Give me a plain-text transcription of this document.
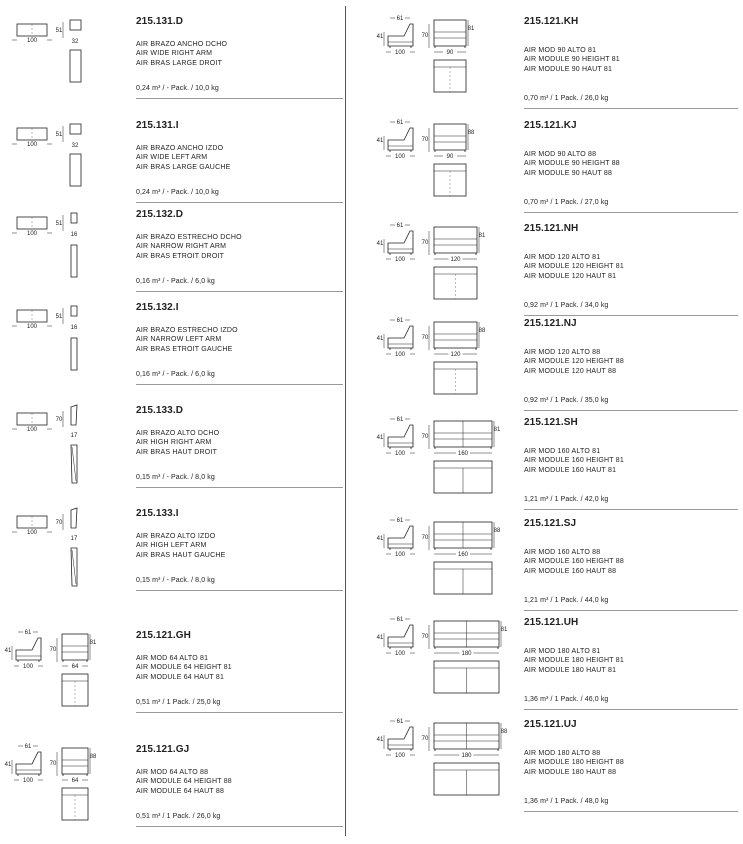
100
51
32
215.131.D
AIR BRAZO ANCHO DCHO
AIR WIDE RIGHT ARM
AIR BRAS LARGE DROIT
0,24 m³ / - Pack. / 10,0 kg
100
51
32
215.131.I
AIR BRAZO ANCHO IZDO
AIR WIDE LEFT ARM
AIR BRAS LARGE GAUCHE
0,24 m³ / - Pack. / 10,0 kg
100
51
16
215.132.D
AIR BRAZO ESTRECHO DCHO
AIR NARROW RIGHT ARM
AIR BRAS ETROIT DROIT
0,16 m³ / - Pack. / 6,0 kg
100
51
16
215.132.I
AIR BRAZO ESTRECHO IZDO
AIR NARROW LEFT ARM
AIR BRAS ETROIT GAUCHE
0,16 m³ / - Pack. / 6,0 kg
100
70
17
215.133.D
AIR BRAZO ALTO DCHO
AIR HIGH RIGHT ARM
AIR BRAS HAUT DROIT
0,15 m³ / - Pack. / 8,0 kg
100
70
17
215.133.I
AIR BRAZO ALTO IZDO
AIR HIGH LEFT ARM
AIR BRAS HAUT GAUCHE
0,15 m³ / - Pack. / 8,0 kg
61
41
100
70
81
64
215.121.GH
AIR MOD 64 ALTO 81
AIR MODULE 64 HEIGHT 81
AIR MODULE 64 HAUT 81
0,51 m³ / 1 Pack. / 25,0 kg
61
41
100
70
88
64
215.121.GJ
AIR MOD 64 ALTO 88
AIR MODULE 64 HEIGHT 88
AIR MODULE 64 HAUT 88
0,51 m³ / 1 Pack. / 26,0 kg
61
41
100
70
81
90
215.121.KH
AIR MOD 90 ALTO 81
AIR MODULE 90 HEIGHT 81
AIR MODULE 90 HAUT 81
0,70 m³ / 1 Pack. / 26,0 kg
61
41
100
70
88
90
215.121.KJ
AIR MOD 90 ALTO 88
AIR MODULE 90 HEIGHT 88
AIR MODULE 90 HAUT 88
0,70 m³ / 1 Pack. / 27,0 kg
61
41
100
70
81
120
215.121.NH
AIR MOD 120 ALTO 81
AIR MODULE 120 HEIGHT 81
AIR MODULE 120 HAUT 81
0,92 m³ / 1 Pack. / 34,0 kg
61
41
100
70
88
120
215.121.NJ
AIR MOD 120 ALTO 88
AIR MODULE 120 HEIGHT 88
AIR MODULE 120 HAUT 88
0,92 m³ / 1 Pack. / 35,0 kg
61
41
100
70
81
160
215.121.SH
AIR MOD 160 ALTO 81
AIR MODULE 160 HEIGHT 81
AIR MODULE 160 HAUT 81
1,21 m³ / 1 Pack. / 42,0 kg
61
41
100
70
88
160
215.121.SJ
AIR MOD 160 ALTO 88
AIR MODULE 160 HEIGHT 88
AIR MODULE 160 HAUT 88
1,21 m³ / 1 Pack. / 44,0 kg
61
41
100
70
81
180
215.121.UH
AIR MOD 180 ALTO 81
AIR MODULE 180 HEIGHT 81
AIR MODULE 180 HAUT 81
1,36 m³ / 1 Pack. / 46,0 kg
61
41
100
70
88
180
215.121.UJ
AIR MOD 180 ALTO 88
AIR MODULE 180 HEIGHT 88
AIR MODULE 180 HAUT 88
1,36 m³ / 1 Pack. / 48,0 kg
